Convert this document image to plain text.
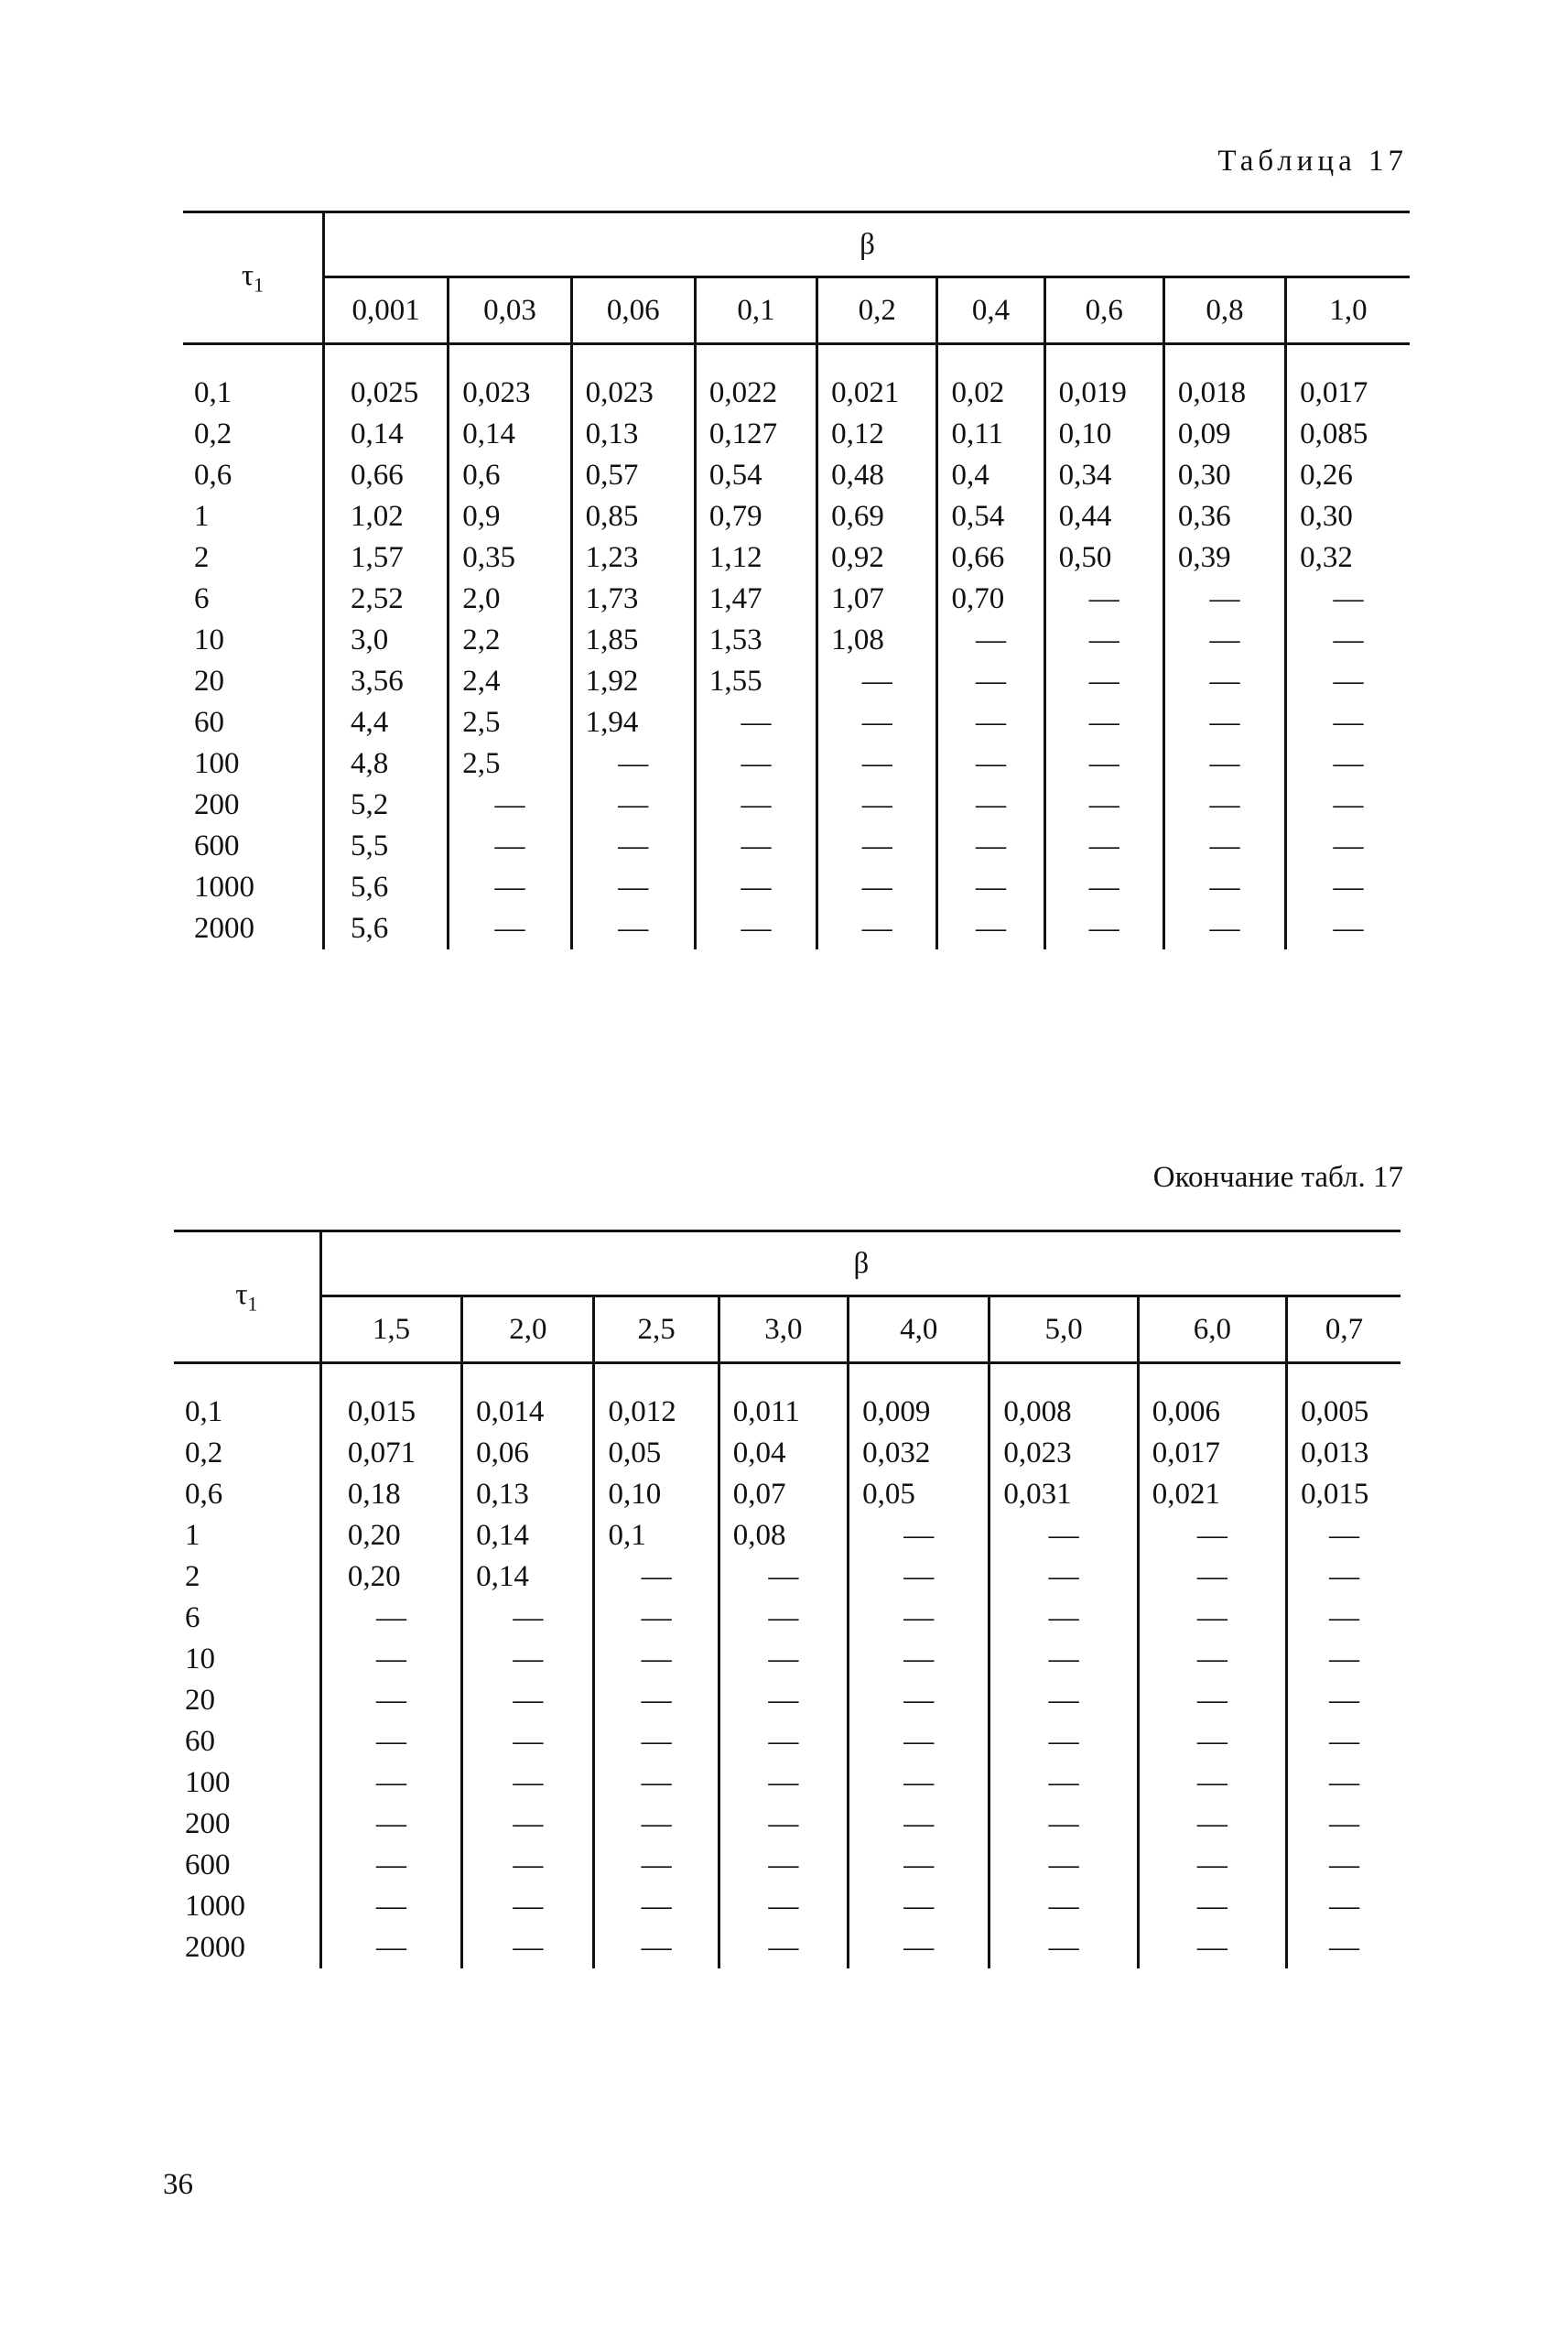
Таблица 17
$\tau_1$	β								
	0,001	0,03	0,06	0,1	0,2	0,4	0,6	0,8	1,0
0,1	0,025	0,023	0,023	0,022	0,021	0,02	0,019	0,018	0,017
0,2	0,14	0,14	0,13	0,127	0,12	0,11	0,10	0,09	0,085
0,6	0,66	0,6	0,57	0,54	0,48	0,4	0,34	0,30	0,26
1	1,02	0,9	0,85	0,79	0,69	0,54	0,44	0,36	0,30
2	1,57	0,35	1,23	1,12	0,92	0,66	0,50	0,39	0,32
6	2,52	2,0	1,73	1,47	1,07	0,70	—	—	—
10	3,0	2,2	1,85	1,53	1,08	—	—	—	—
20	3,56	2,4	1,92	1,55	—	—	—	—	—
60	4,4	2,5	1,94	—	—	—	—	—	—
100	4,8	2,5	—	—	—	—	—	—	—
200	5,2	—	—	—	—	—	—	—	—
600	5,5	—	—	—	—	—	—	—	—
1000	5,6	—	—	—	—	—	—	—	—
2000	5,6	—	—	—	—	—	—	—	—
Окончание табл. 17
$\tau_1$	β							
	1,5	2,0	2,5	3,0	4,0	5,0	6,0	0,7
0,1	0,015	0,014	0,012	0,011	0,009	0,008	0,006	0,005
0,2	0,071	0,06	0,05	0,04	0,032	0,023	0,017	0,013
0,6	0,18	0,13	0,10	0,07	0,05	0,031	0,021	0,015
1	0,20	0,14	0,1	0,08	—	—	—	—
2	0,20	0,14	—	—	—	—	—	—
6	—	—	—	—	—	—	—	—
10	—	—	—	—	—	—	—	—
20	—	—	—	—	—	—	—	—
60	—	—	—	—	—	—	—	—
100	—	—	—	—	—	—	—	—
200	—	—	—	—	—	—	—	—
600	—	—	—	—	—	—	—	—
1000	—	—	—	—	—	—	—	—
2000	—	—	—	—	—	—	—	—
36
